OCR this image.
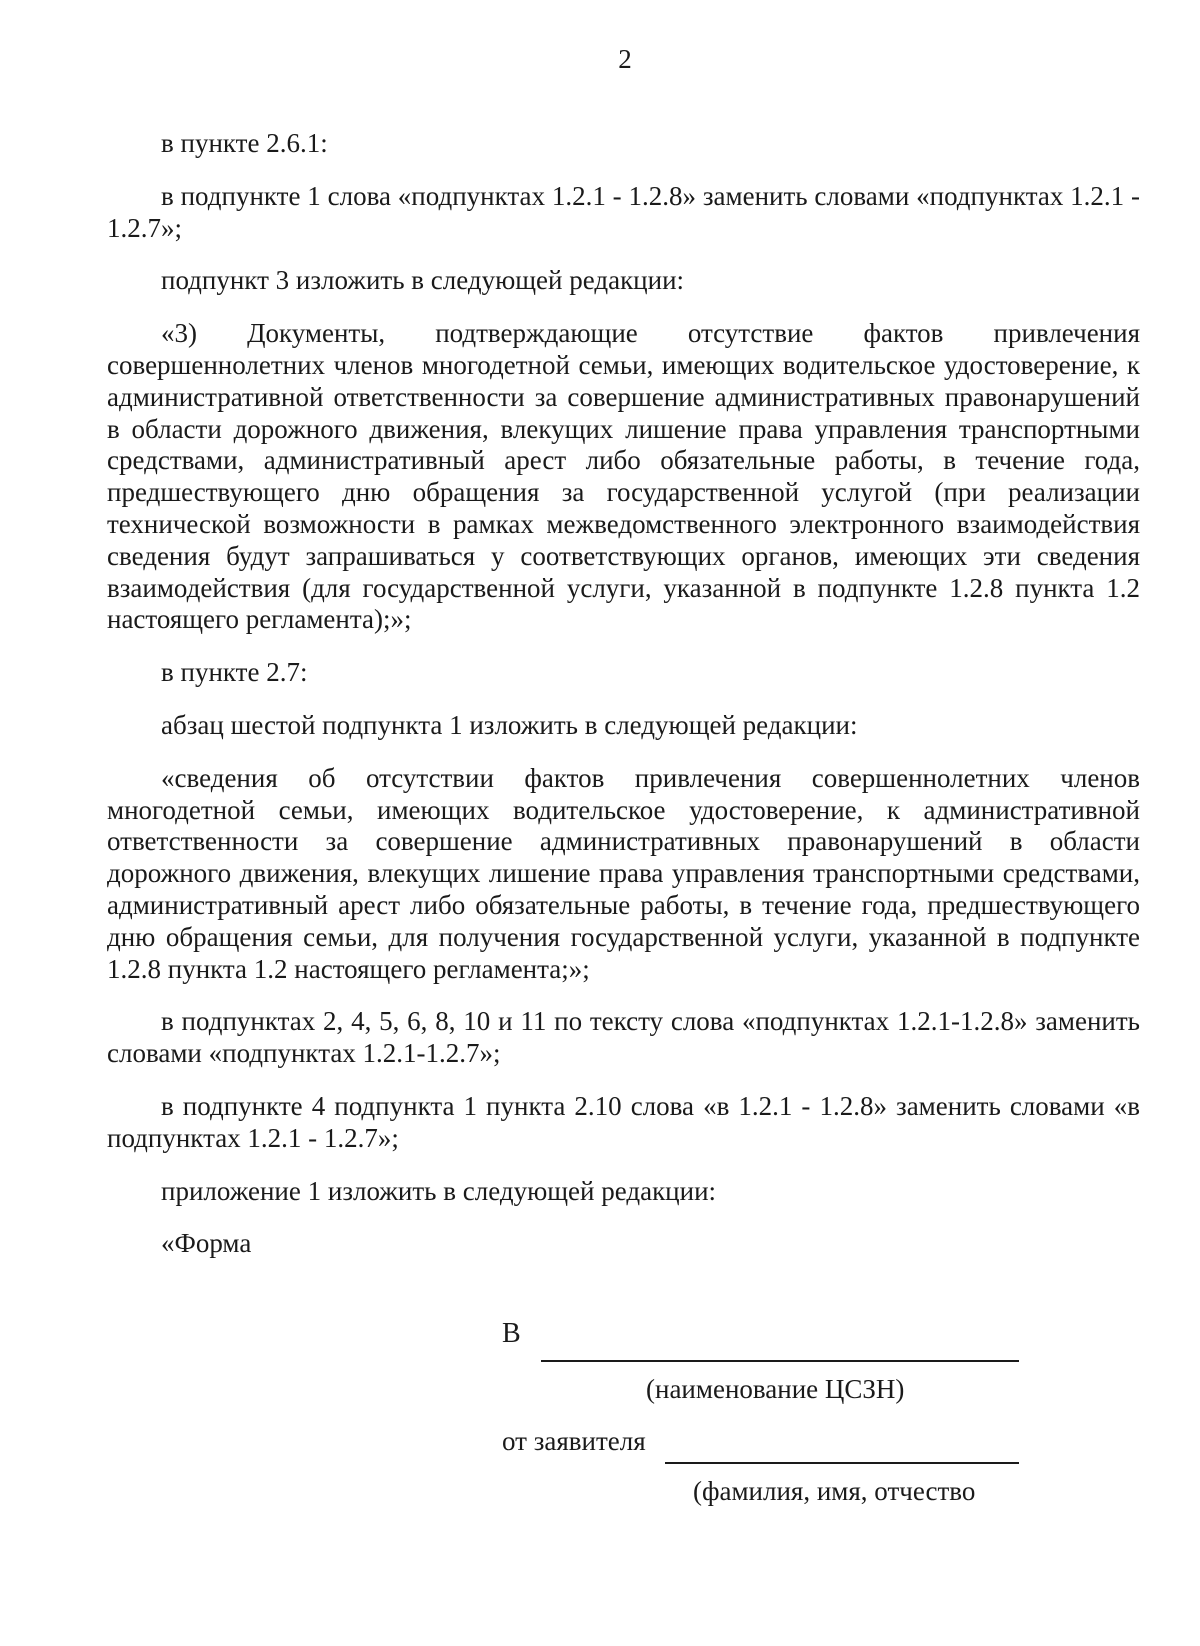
2

в пункте 2.6.1:

в подпункте 1 слова «подпунктах 1.2.1 - 1.2.8» заменить словами «подпунктах 1.2.1 - 1.2.7»;

подпункт 3 изложить в следующей редакции:

«3) Документы, подтверждающие отсутствие фактов привлечения совершеннолетних членов многодетной семьи, имеющих водительское удостоверение, к административной ответственности за совершение административных правонарушений в области дорожного движения, влекущих лишение права управления транспортными средствами, административный арест либо обязательные работы, в течение года, предшествующего дню обращения за государственной услугой (при реализации технической возможности в рамках межведомственного электронного взаимодействия сведения будут запрашиваться у соответствующих органов, имеющих эти сведения взаимодействия (для государственной услуги, указанной в подпункте 1.2.8 пункта 1.2 настоящего регламента);»;

в пункте 2.7:

абзац шестой подпункта 1 изложить в следующей редакции:

«сведения об отсутствии фактов привлечения совершеннолетних членов многодетной семьи, имеющих водительское удостоверение, к административной ответственности за совершение административных правонарушений в области дорожного движения, влекущих лишение права управления транспортными средствами, административный арест либо обязательные работы, в течение года, предшествующего дню обращения семьи, для получения государственной услуги, указанной в подпункте 1.2.8 пункта 1.2 настоящего регламента;»;

в подпунктах 2, 4, 5, 6, 8, 10 и 11 по тексту слова «подпунктах 1.2.1-1.2.8» заменить словами «подпунктах 1.2.1-1.2.7»;

в подпункте 4 подпункта 1 пункта 2.10 слова «в 1.2.1 - 1.2.8» заменить словами «в подпунктах 1.2.1 - 1.2.7»;

приложение 1 изложить в следующей редакции:

«Форма

В
(наименование ЦСЗН)
от заявителя
(фамилия, имя, отчество
